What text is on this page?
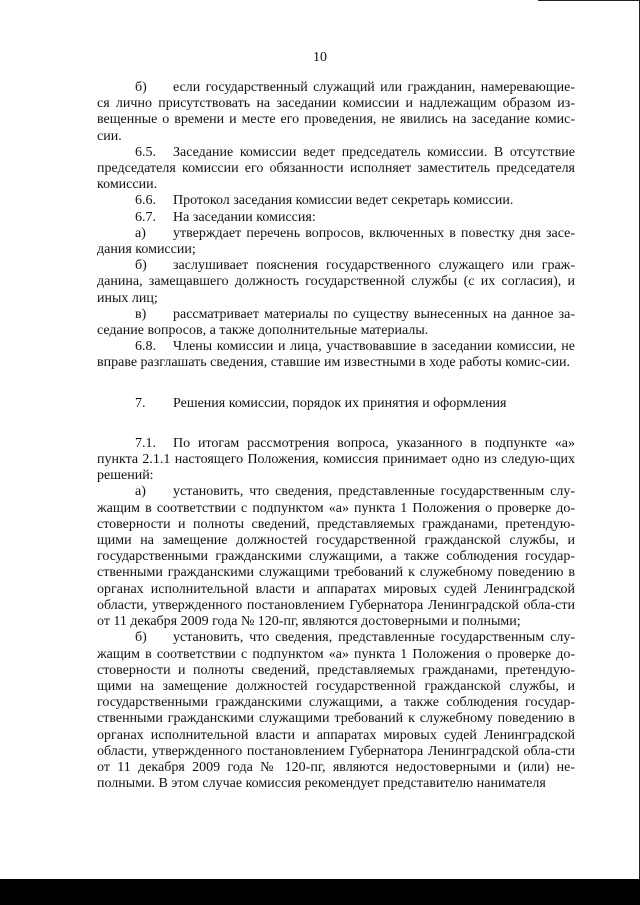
10

б) если государственный служащий или гражданин, намеревающие-ся лично присутствовать на заседании комиссии и надлежащим образом из-вещенные о времени и месте его проведения, не явились на заседание комис-сии.

6.5. Заседание комиссии ведет председатель комиссии. В отсутствие председателя комиссии его обязанности исполняет заместитель председателя комиссии.

6.6. Протокол заседания комиссии ведет секретарь комиссии.

6.7. На заседании комиссия:

а) утверждает перечень вопросов, включенных в повестку дня засе-дания комиссии;

б) заслушивает пояснения государственного служащего или граж-данина, замещавшего должность государственной службы (с их согласия), и иных лиц;

в) рассматривает материалы по существу вынесенных на данное за-седание вопросов, а также дополнительные материалы.

6.8. Члены комиссии и лица, участвовавшие в заседании комиссии, не вправе разглашать сведения, ставшие им известными в ходе работы комис-сии.

7. Решения комиссии, порядок их принятия и оформления

7.1. По итогам рассмотрения вопроса, указанного в подпункте «а» пункта 2.1.1 настоящего Положения, комиссия принимает одно из следую-щих решений:

а) установить, что сведения, представленные государственным слу-жащим в соответствии с подпунктом «а» пункта 1 Положения о проверке до-стоверности и полноты сведений, представляемых гражданами, претендую-щими на замещение должностей государственной гражданской службы, и государственными гражданскими служащими, а также соблюдения государ-ственными гражданскими служащими требований к служебному поведению в органах исполнительной власти и аппаратах мировых судей Ленинградской области, утвержденного постановлением Губернатора Ленинградской обла-сти от 11 декабря 2009 года № 120-пг, являются достоверными и полными;

б) установить, что сведения, представленные государственным слу-жащим в соответствии с подпунктом «а» пункта 1 Положения о проверке до-стоверности и полноты сведений, представляемых гражданами, претендую-щими на замещение должностей государственной гражданской службы, и государственными гражданскими служащими, а также соблюдения государ-ственными гражданскими служащими требований к служебному поведению в органах исполнительной власти и аппаратах мировых судей Ленинградской области, утвержденного постановлением Губернатора Ленинградской обла-сти от 11 декабря 2009 года № 120-пг, являются недостоверными и (или) не-полными. В этом случае комиссия рекомендует представителю нанимателя
